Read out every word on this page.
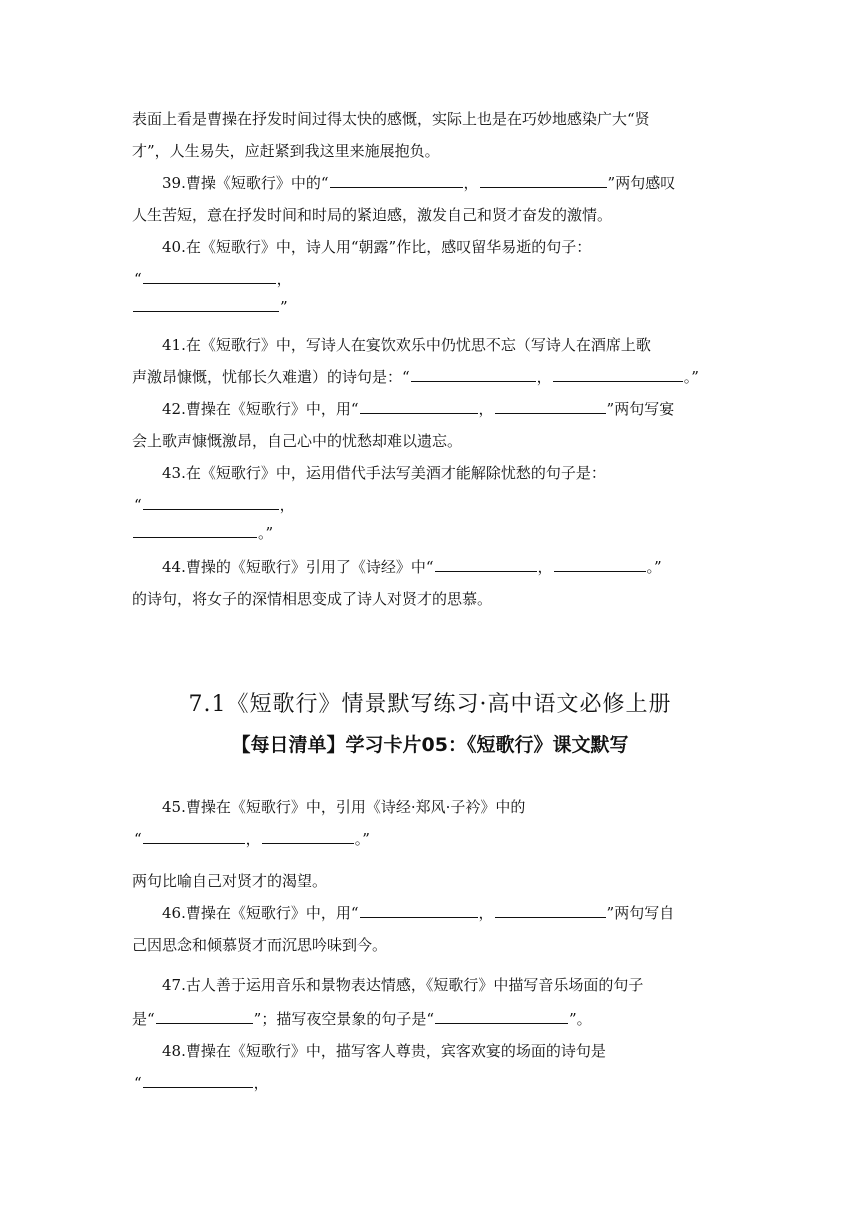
表面上看是曹操在抒发时间过得太快的感慨，实际上也是在巧妙地感染广大“贤
才”，人生易失，应赶紧到我这里来施展抱负。
39.曹操《短歌行》中的“	，	”两句感叹
人生苦短，意在抒发时间和时局的紧迫感，激发自己和贤才奋发的激情。
40.在《短歌行》中，诗人用“朝露”作比，感叹留华易逝的句子：
“	，
”
41.在《短歌行》中，写诗人在宴饮欢乐中仍忧思不忘（写诗人在酒席上歌
声激昂慷慨，忧郁长久难遣）的诗句是：“	，	。”
42.曹操在《短歌行》中，用“	，	”两句写宴
会上歌声慷慨激昂，自己心中的忧愁却难以遗忘。
43.在《短歌行》中，运用借代手法写美酒才能解除忧愁的句子是：
“	，
。”
44.曹操的《短歌行》引用了《诗经》中“	，	。”
的诗句，将女子的深情相思变成了诗人对贤才的思慕。
7.1《短歌行》情景默写练习·高中语文必修上册
【每日清单】学习卡片05：《短歌行》课文默写
45.曹操在《短歌行》中，引用《诗经·郑风·子衿》中的
“	，	。”
两句比喻自己对贤才的渴望。
46.曹操在《短歌行》中，用“	，	”两句写自
己因思念和倾慕贤才而沉思吟味到今。
47.古人善于运用音乐和景物表达情感，《短歌行》中描写音乐场面的句子
是“	”；描写夜空景象的句子是“	”。
48.曹操在《短歌行》中，描写客人尊贵，宾客欢宴的场面的诗句是
“	，
